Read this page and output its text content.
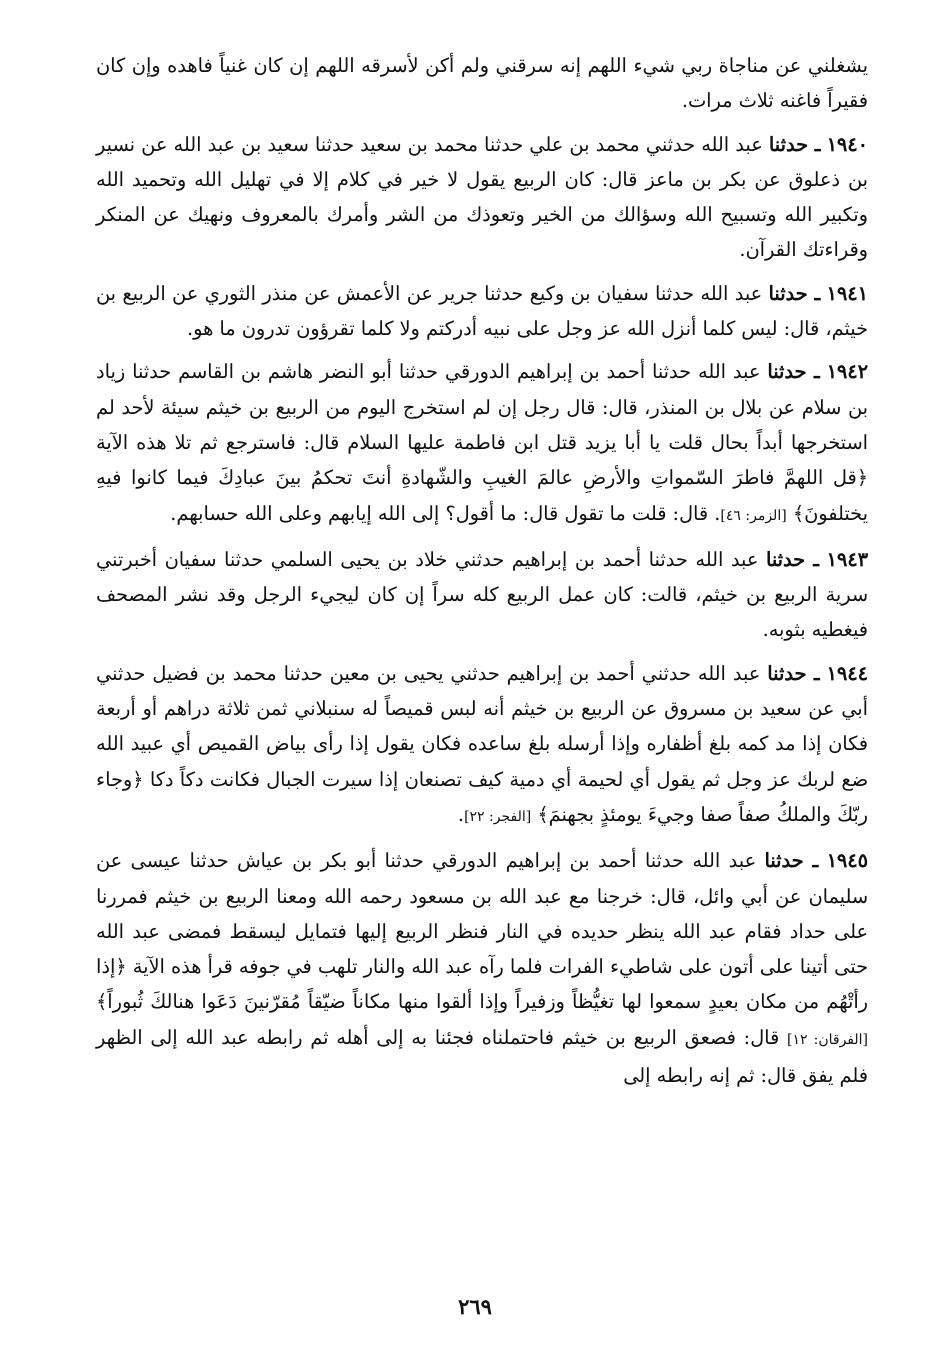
يشغلني عن مناجاة ربي شيء اللهم إنه سرقني ولم أكن لأسرقه اللهم إن كان غنياً فاهده وإن كان فقيراً فاغنه ثلاث مرات.

١٩٤٠ ـ حدثنا عبد الله حدثني محمد بن علي حدثنا محمد بن سعيد حدثنا سعيد بن عبد الله عن نسير بن ذعلوق عن بكر بن ماعز قال: كان الربيع يقول لا خير في كلام إلا في تهليل الله وتحميد الله وتكبير الله وتسبيح الله وسؤالك من الخير وتعوذك من الشر وأمرك بالمعروف ونهيك عن المنكر وقراءتك القرآن.

١٩٤١ ـ حدثنا عبد الله حدثنا سفيان بن وكيع حدثنا جرير عن الأعمش عن منذر الثوري عن الربيع بن خيثم، قال: ليس كلما أنزل الله عز وجل على نبيه أدركتم ولا كلما تقرؤون تدرون ما هو.

١٩٤٢ ـ حدثنا عبد الله حدثنا أحمد بن إبراهيم الدورقي حدثنا أبو النضر هاشم بن القاسم حدثنا زياد بن سلام عن بلال بن المنذر، قال: قال رجل إن لم استخرج اليوم من الربيع بن خيثم سيئة لأحد لم استخرجها أبداً بحال قلت يا أبا يزيد قتل ابن فاطمة عليها السلام قال: فاسترجع ثم تلا هذه الآية ﴿قل اللهمَّ فاطرَ السّمواتِ والأرضِ عالمَ الغيبِ والشّهادةِ أنتَ تحكمُ بينَ عبادِكَ فيما كانوا فيهِ يختلفونَ﴾ [الزمر: ٤٦]. قال: قلت ما تقول قال: ما أقول؟ إلى الله إيابهم وعلى الله حسابهم.

١٩٤٣ ـ حدثنا عبد الله حدثنا أحمد بن إبراهيم حدثني خلاد بن يحيى السلمي حدثنا سفيان أخبرتني سرية الربيع بن خيثم، قالت: كان عمل الربيع كله سراً إن كان ليجيء الرجل وقد نشر المصحف فيغطيه بثوبه.

١٩٤٤ ـ حدثنا عبد الله حدثني أحمد بن إبراهيم حدثني يحيى بن معين حدثنا محمد بن فضيل حدثني أبي عن سعيد بن مسروق عن الربيع بن خيثم أنه لبس قميصاً له سنبلاني ثمن ثلاثة دراهم أو أربعة فكان إذا مد كمه بلغ أظفاره وإذا أرسله بلغ ساعده فكان يقول إذا رأى بياض القميص أي عبيد الله ضع لربك عز وجل ثم يقول أي لحيمة أي دمية كيف تصنعان إذا سيرت الجبال فكانت دكاً دكا ﴿وجاء ربّكَ والملكُ صفاً صفا وجيءَ يومئذٍ بجهنمَ﴾ [الفجر: ٢٢].

١٩٤٥ ـ حدثنا عبد الله حدثنا أحمد بن إبراهيم الدورقي حدثنا أبو بكر بن عياش حدثنا عيسى عن سليمان عن أبي وائل، قال: خرجنا مع عبد الله بن مسعود رحمه الله ومعنا الربيع بن خيثم فمررنا على حداد فقام عبد الله ينظر حديده في النار فنظر الربيع إليها فتمايل ليسقط فمضى عبد الله حتى أتينا على أتون على شاطيء الفرات فلما رآه عبد الله والنار تلهب في جوفه قرأ هذه الآية ﴿إذا رأتْهُم من مكان بعيدٍ سمعوا لها تغيُّظاً وزفيراً وإذا ألقوا منها مكاناً ضيّقاً مُقرّنينَ دَعَوا هنالكَ ثُبوراً﴾ [الفرقان: ١٢] قال: فصعق الربيع بن خيثم فاحتملناه فجئنا به إلى أهله ثم رابطه عبد الله إلى الظهر فلم يفق قال: ثم إنه رابطه إلى

٢٦٩
